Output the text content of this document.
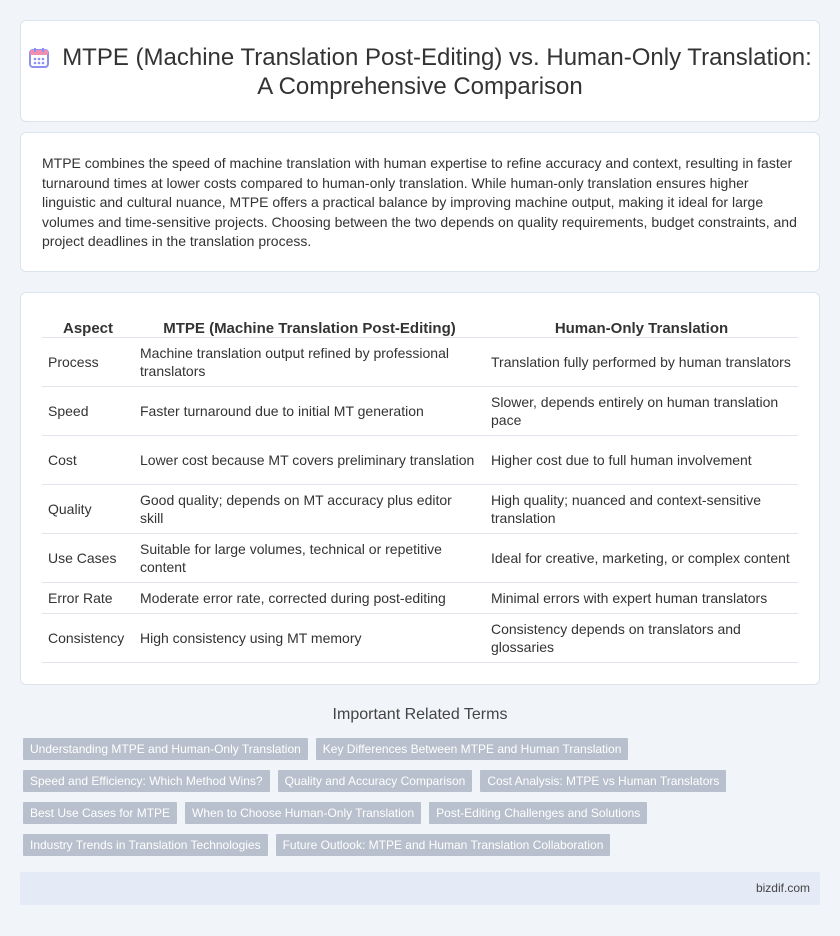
MTPE (Machine Translation Post-Editing) vs. Human-Only Translation: A Comprehensive Comparison

MTPE combines the speed of machine translation with human expertise to refine accuracy and context, resulting in faster turnaround times at lower costs compared to human-only translation. While human-only translation ensures higher linguistic and cultural nuance, MTPE offers a practical balance by improving machine output, making it ideal for large volumes and time-sensitive projects. Choosing between the two depends on quality requirements, budget constraints, and project deadlines in the translation process.

Aspect	MTPE (Machine Translation Post-Editing)	Human-Only Translation
Process	Machine translation output refined by professional translators	Translation fully performed by human translators
Speed	Faster turnaround due to initial MT generation	Slower, depends entirely on human translation pace
Cost	Lower cost because MT covers preliminary translation	Higher cost due to full human involvement
Quality	Good quality; depends on MT accuracy plus editor skill	High quality; nuanced and context-sensitive translation
Use Cases	Suitable for large volumes, technical or repetitive content	Ideal for creative, marketing, or complex content
Error Rate	Moderate error rate, corrected during post-editing	Minimal errors with expert human translators
Consistency	High consistency using MT memory	Consistency depends on translators and glossaries
Important Related Terms
Understanding MTPE and Human-Only Translation	Key Differences Between MTPE and Human Translation
Speed and Efficiency: Which Method Wins?	Quality and Accuracy Comparison	Cost Analysis: MTPE vs Human Translators
Best Use Cases for MTPE	When to Choose Human-Only Translation	Post-Editing Challenges and Solutions
Industry Trends in Translation Technologies	Future Outlook: MTPE and Human Translation Collaboration
bizdif.com
